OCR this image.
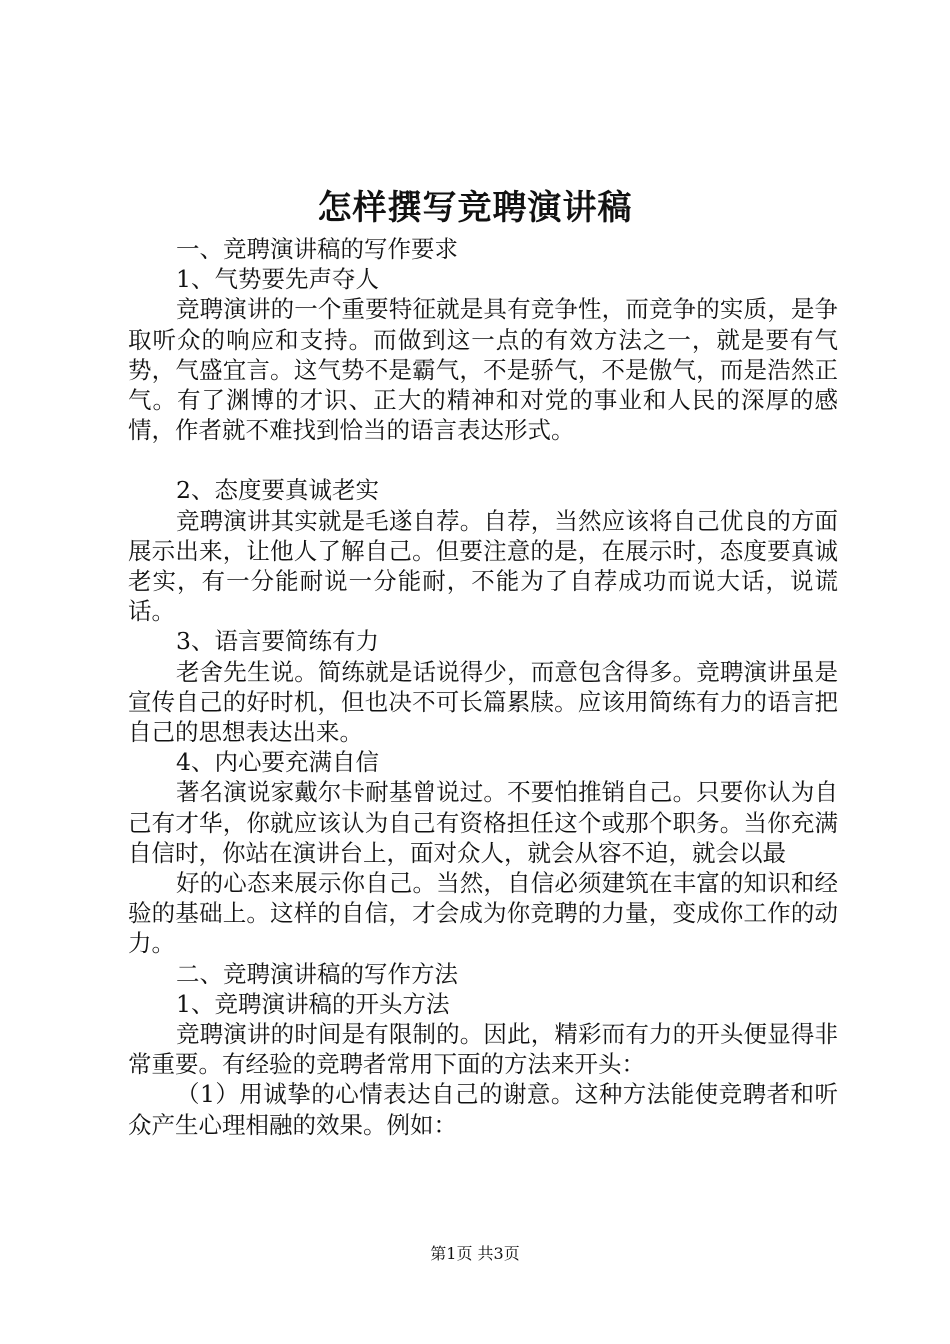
怎样撰写竞聘演讲稿

一、竞聘演讲稿的写作要求

1、气势要先声夺人

竞聘演讲的一个重要特征就是具有竞争性，而竞争的实质，是争取听众的响应和支持。而做到这一点的有效方法之一，就是要有气势，气盛宜言。这气势不是霸气，不是骄气，不是傲气，而是浩然正气。有了渊博的才识、正大的精神和对党的事业和人民的深厚的感情，作者就不难找到恰当的语言表达形式。

2、态度要真诚老实

竞聘演讲其实就是毛遂自荐。自荐，当然应该将自己优良的方面展示出来，让他人了解自己。但要注意的是，在展示时，态度要真诚老实，有一分能耐说一分能耐，不能为了自荐成功而说大话，说谎话。

3、语言要简练有力

老舍先生说。简练就是话说得少，而意包含得多。竞聘演讲虽是宣传自己的好时机，但也决不可长篇累牍。应该用简练有力的语言把自己的思想表达出来。

4、内心要充满自信

著名演说家戴尔卡耐基曾说过。不要怕推销自己。只要你认为自己有才华，你就应该认为自己有资格担任这个或那个职务。当你充满自信时，你站在演讲台上，面对众人，就会从容不迫，就会以最

好的心态来展示你自己。当然，自信必须建筑在丰富的知识和经验的基础上。这样的自信，才会成为你竞聘的力量，变成你工作的动力。

二、竞聘演讲稿的写作方法

1、竞聘演讲稿的开头方法

竞聘演讲的时间是有限制的。因此，精彩而有力的开头便显得非常重要。有经验的竞聘者常用下面的方法来开头：

（1）用诚挚的心情表达自己的谢意。这种方法能使竞聘者和听众产生心理相融的效果。例如：

第1页 共3页
